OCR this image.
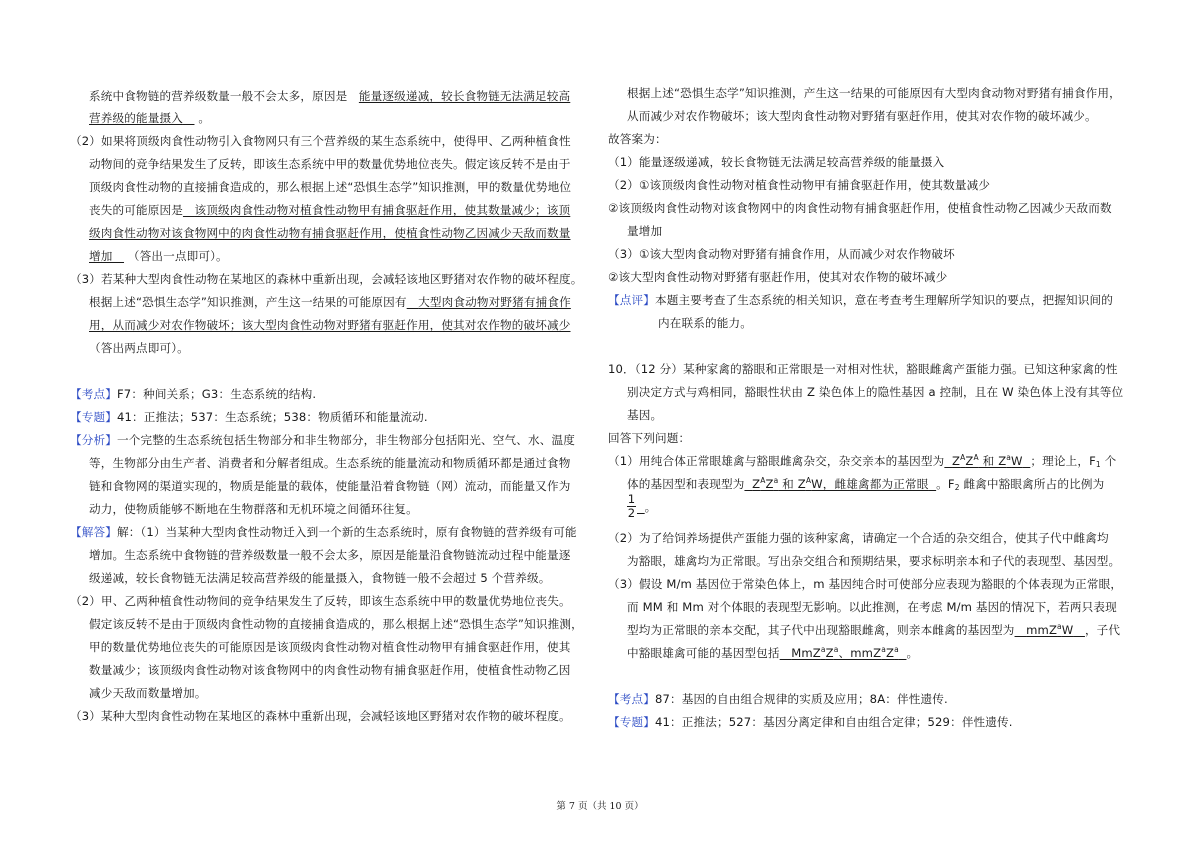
系统中食物链的营养级数量一般不会太多，原因是 能量逐级递减，较长食物链无法满足较高
营养级的能量摄入 。
（2）如果将顶级肉食性动物引入食物网只有三个营养级的某生态系统中，使得甲、乙两种植食性
动物间的竞争结果发生了反转，即该生态系统中甲的数量优势地位丧失。假定该反转不是由于
顶级肉食性动物的直接捕食造成的，那么根据上述“恐惧生态学”知识推测，甲的数量优势地位
丧失的可能原因是 该顶级肉食性动物对植食性动物甲有捕食驱赶作用，使其数量减少；该顶
级肉食性动物对该食物网中的肉食性动物有捕食驱赶作用，使植食性动物乙因减少天敌而数量
增加 （答出一点即可）。
（3）若某种大型肉食性动物在某地区的森林中重新出现，会减轻该地区野猪对农作物的破坏程度。
根据上述“恐惧生态学”知识推测，产生这一结果的可能原因有 大型肉食动物对野猪有捕食作
用，从而减少对农作物破坏；该大型肉食性动物对野猪有驱赶作用，使其对农作物的破坏减少
（答出两点即可）。
【考点】F7：种间关系；G3：生态系统的结构.
【专题】41：正推法；537：生态系统；538：物质循环和能量流动.
【分析】一个完整的生态系统包括生物部分和非生物部分，非生物部分包括阳光、空气、水、温度
等，生物部分由生产者、消费者和分解者组成。生态系统的能量流动和物质循环都是通过食物
链和食物网的渠道实现的，物质是能量的载体，使能量沿着食物链（网）流动，而能量又作为
动力，使物质能够不断地在生物群落和无机环境之间循环往复。
【解答】解：（1）当某种大型肉食性动物迁入到一个新的生态系统时，原有食物链的营养级有可能
增加。生态系统中食物链的营养级数量一般不会太多，原因是能量沿食物链流动过程中能量逐
级递减，较长食物链无法满足较高营养级的能量摄入，食物链一般不会超过 5 个营养级。
（2）甲、乙两种植食性动物间的竞争结果发生了反转，即该生态系统中甲的数量优势地位丧失。
假定该反转不是由于顶级肉食性动物的直接捕食造成的，那么根据上述“恐惧生态学”知识推测，
甲的数量优势地位丧失的可能原因是该顶级肉食性动物对植食性动物甲有捕食驱赶作用，使其
数量减少；该顶级肉食性动物对该食物网中的肉食性动物有捕食驱赶作用，使植食性动物乙因
减少天敌而数量增加。
（3）某种大型肉食性动物在某地区的森林中重新出现，会减轻该地区野猪对农作物的破坏程度。
根据上述“恐惧生态学”知识推测，产生这一结果的可能原因有大型肉食动物对野猪有捕食作用，
从而减少对农作物破坏；该大型肉食性动物对野猪有驱赶作用，使其对农作物的破坏减少。
故答案为：
（1）能量逐级递减，较长食物链无法满足较高营养级的能量摄入
（2）①该顶级肉食性动物对植食性动物甲有捕食驱赶作用，使其数量减少
②该顶级肉食性动物对该食物网中的肉食性动物有捕食驱赶作用，使植食性动物乙因减少天敌而数
量增加
（3）①该大型肉食动物对野猪有捕食作用，从而减少对农作物破坏
②该大型肉食性动物对野猪有驱赶作用，使其对农作物的破坏减少
【点评】本题主要考查了生态系统的相关知识，意在考查考生理解所学知识的要点，把握知识间的
内在联系的能力。
10．（12 分）某种家禽的豁眼和正常眼是一对相对性状，豁眼雌禽产蛋能力强。已知这种家禽的性
别决定方式与鸡相同，豁眼性状由 Z 染色体上的隐性基因 a 控制，且在 W 染色体上没有其等位
基因。
回答下列问题：
（1）用纯合体正常眼雄禽与豁眼雌禽杂交，杂交亲本的基因型为 $Z^AZ^A$ 和 $Z^aW$ ；理论上，$F_1$ 个
体的基因型和表现型为 $Z^AZ^a$ 和 $Z^AW$，雌雄禽都为正常眼 。$F_2$ 雌禽中豁眼禽所占的比例为
$\frac{1}{2}$ 。
（2）为了给饲养场提供产蛋能力强的该种家禽，请确定一个合适的杂交组合，使其子代中雌禽均
为豁眼，雄禽均为正常眼。写出杂交组合和预期结果，要求标明亲本和子代的表现型、基因型。
（3）假设 M/m 基因位于常染色体上，m 基因纯合时可使部分应表现为豁眼的个体表现为正常眼，
而 MM 和 Mm 对个体眼的表现型无影响。以此推测，在考虑 M/m 基因的情况下，若两只表现
型均为正常眼的亲本交配，其子代中出现豁眼雌禽，则亲本雌禽的基因型为 mmZ$^a$W ，子代
中豁眼雄禽可能的基因型包括 $MmZ^aZ^a$、$mmZ^aZ^a$ 。
【考点】87：基因的自由组合规律的实质及应用；8A：伴性遗传.
【专题】41：正推法；527：基因分离定律和自由组合定律；529：伴性遗传.
第 7 页（共 10 页）
